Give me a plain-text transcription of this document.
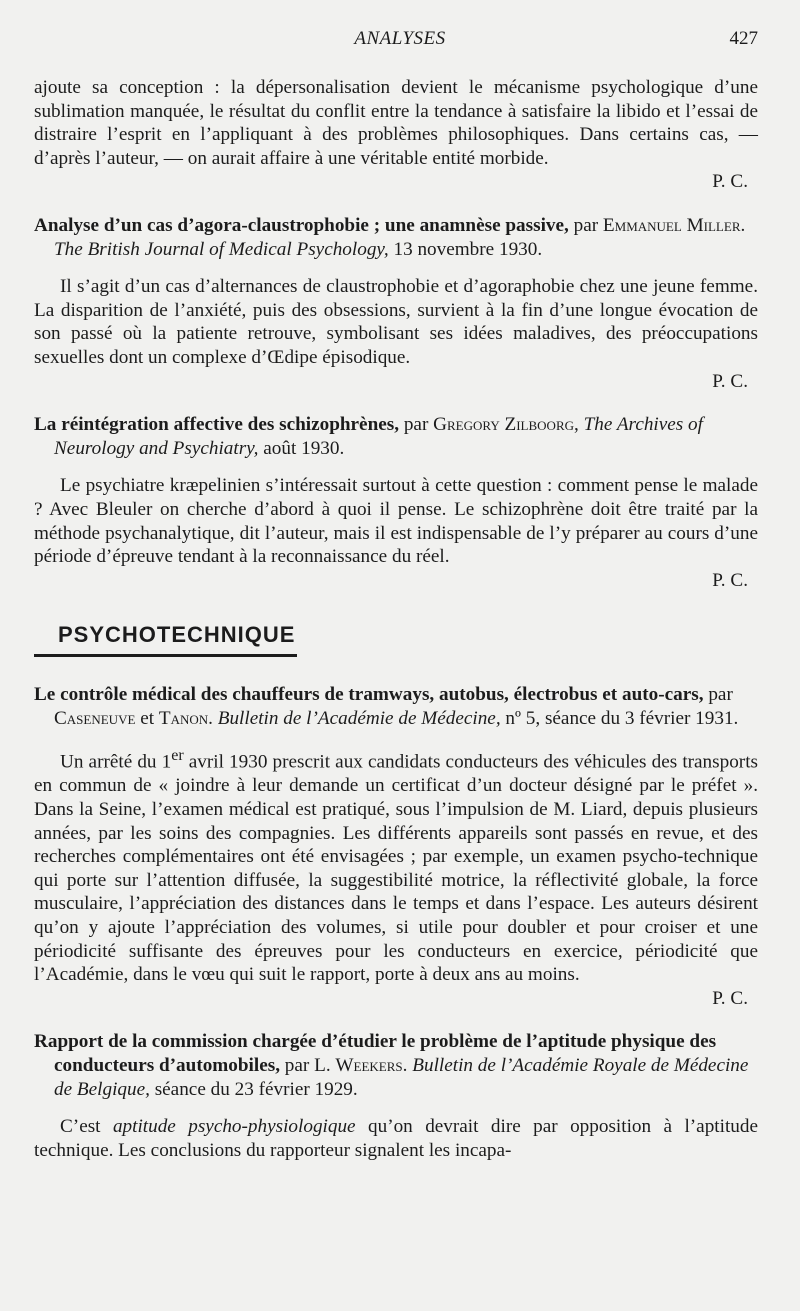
ANALYSES	427

ajoute sa conception : la dépersonalisation devient le mécanisme psychologique d’une sublimation manquée, le résultat du conflit entre la tendance à satisfaire la libido et l’essai de distraire l’esprit en l’appliquant à des problèmes philosophiques. Dans certains cas, — d’après l’auteur, — on aurait affaire à une véritable entité morbide.
P. C.

Analyse d’un cas d’agora-claustrophobie ; une anamnèse passive, par Emmanuel Miller. The British Journal of Medical Psychology, 13 novembre 1930.

Il s’agit d’un cas d’alternances de claustrophobie et d’agoraphobie chez une jeune femme. La disparition de l’anxiété, puis des obsessions, survient à la fin d’une longue évocation de son passé où la patiente retrouve, symbolisant ses idées maladives, des préoccupations sexuelles dont un complexe d’Œdipe épisodique.
P. C.

La réintégration affective des schizophrènes, par Gregory Zilboorg, The Archives of Neurology and Psychiatry, août 1930.

Le psychiatre kræpelinien s’intéressait surtout à cette question : comment pense le malade ? Avec Bleuler on cherche d’abord à quoi il pense. Le schizophrène doit être traité par la méthode psychanalytique, dit l’auteur, mais il est indispensable de l’y préparer au cours d’une période d’épreuve tendant à la reconnaissance du réel.
P. C.

PSYCHOTECHNIQUE

Le contrôle médical des chauffeurs de tramways, autobus, électrobus et auto-cars, par Caseneuve et Tanon. Bulletin de l’Académie de Médecine, nº 5, séance du 3 février 1931.

Un arrêté du 1er avril 1930 prescrit aux candidats conducteurs des véhicules des transports en commun de « joindre à leur demande un certificat d’un docteur désigné par le préfet ». Dans la Seine, l’examen médical est pratiqué, sous l’impulsion de M. Liard, depuis plusieurs années, par les soins des compagnies. Les différents appareils sont passés en revue, et des recherches complémentaires ont été envisagées ; par exemple, un examen psycho-technique qui porte sur l’attention diffusée, la suggestibilité motrice, la réflectivité globale, la force musculaire, l’appréciation des distances dans le temps et dans l’espace. Les auteurs désirent qu’on y ajoute l’appréciation des volumes, si utile pour doubler et pour croiser et une périodicité suffisante des épreuves pour les conducteurs en exercice, périodicité que l’Académie, dans le vœu qui suit le rapport, porte à deux ans au moins.
P. C.

Rapport de la commission chargée d’étudier le problème de l’aptitude physique des conducteurs d’automobiles, par L. Weekers. Bulletin de l’Académie Royale de Médecine de Belgique, séance du 23 février 1929.

C’est aptitude psycho-physiologique qu’on devrait dire par opposition à l’aptitude technique. Les conclusions du rapporteur signalent les incapa-
